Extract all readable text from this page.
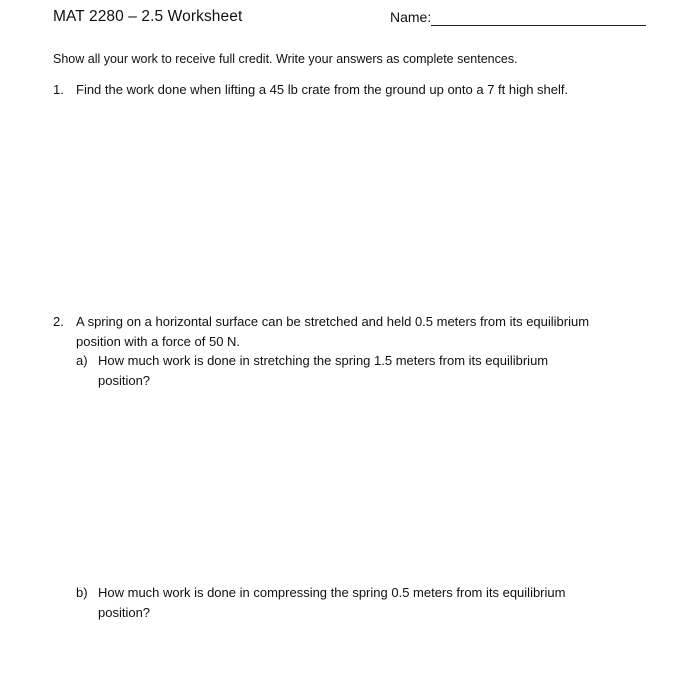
MAT 2280 – 2.5 Worksheet	Name:
Show all your work to receive full credit. Write your answers as complete sentences.
1. Find the work done when lifting a 45 lb crate from the ground up onto a 7 ft high shelf.
2. A spring on a horizontal surface can be stretched and held 0.5 meters from its equilibrium
position with a force of 50 N.
a) How much work is done in stretching the spring 1.5 meters from its equilibrium
position?
b) How much work is done in compressing the spring 0.5 meters from its equilibrium
position?
